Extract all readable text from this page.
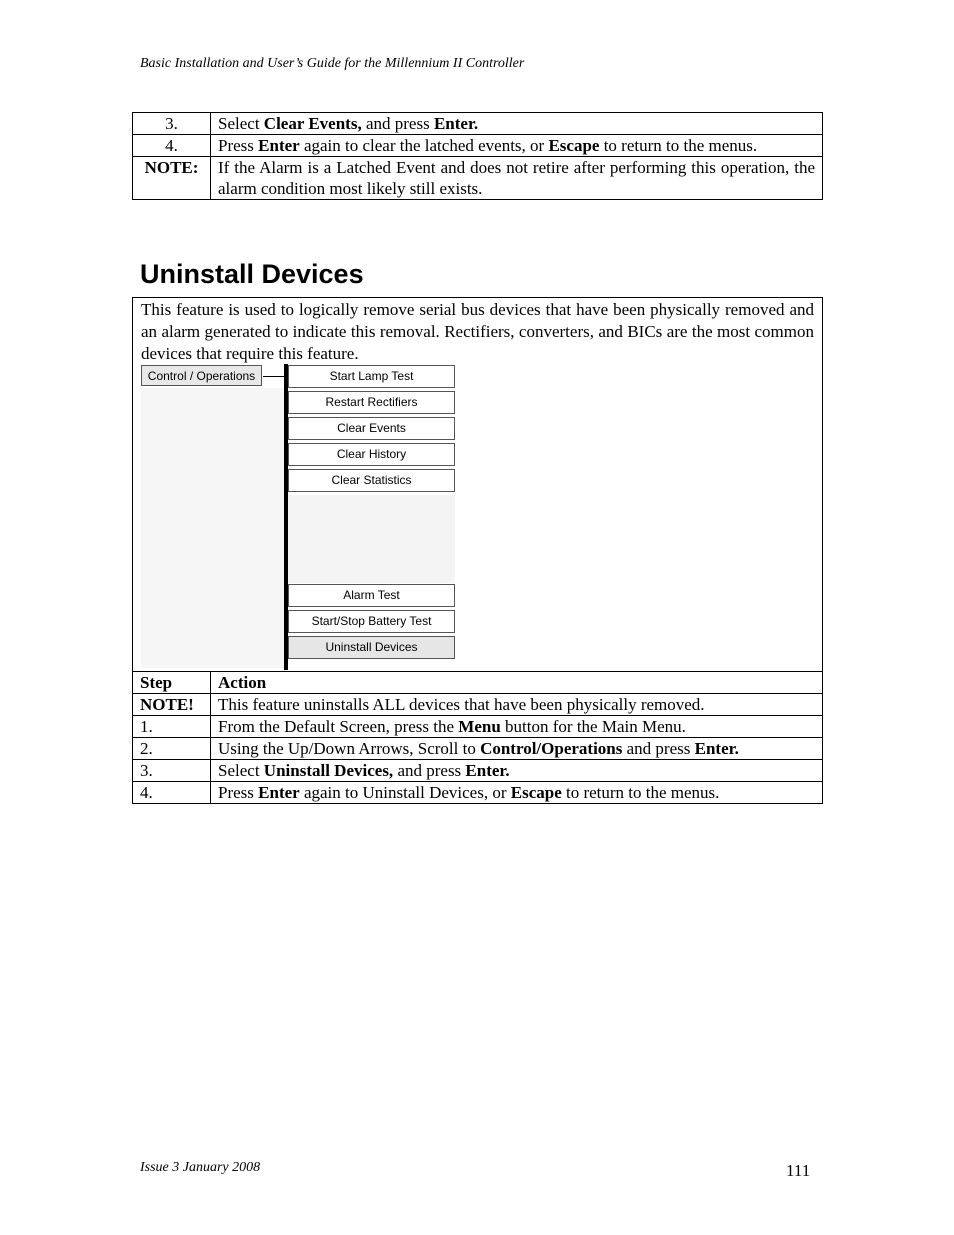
Basic Installation and User’s Guide for the Millennium II Controller
3.	Select Clear Events, and press Enter.
4.	Press Enter again to clear the latched events, or Escape to return to the menus.
NOTE:	If the Alarm is a Latched Event and does not retire after performing this operation, the alarm condition most likely still exists.
Uninstall Devices
This feature is used to logically remove serial bus devices that have been physically removed and an alarm generated to indicate this removal. Rectifiers, converters, and BICs are the most common devices that require this feature.
Control / Operations	Start Lamp Test
Restart Rectifiers
Clear Events
Clear History
Clear Statistics
Alarm Test
Start/Stop Battery Test
Uninstall Devices
Step	Action
NOTE!	This feature uninstalls ALL devices that have been physically removed.
1.	From the Default Screen, press the Menu button for the Main Menu.
2.	Using the Up/Down Arrows, Scroll to Control/Operations and press Enter.
3.	Select Uninstall Devices, and press Enter.
4.	Press Enter again to Uninstall Devices, or Escape to return to the menus.
Issue 3 January 2008	111
